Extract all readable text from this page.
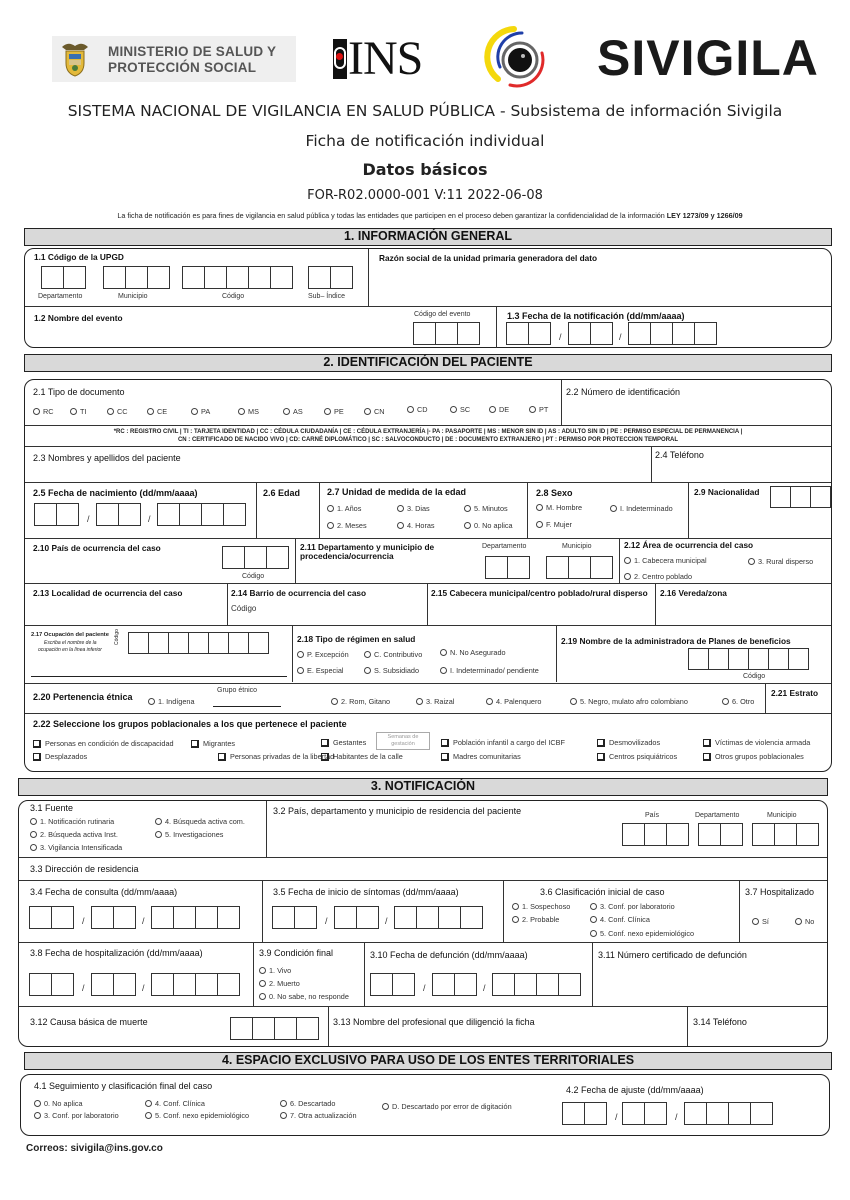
MINISTERIO DE SALUD Y
PROTECCIÓN SOCIAL	INS	SIVIGILA
SISTEMA NACIONAL DE VIGILANCIA EN SALUD PÚBLICA - Subsistema de información Sivigila
Ficha de notificación individual
Datos básicos
FOR-R02.0000-001 V:11 2022-06-08
La ficha de notificación es para fines de vigilancia en salud pública y todas las entidades que participen en el proceso deben garantizar la confidencialidad de la información LEY 1273/09 y 1266/09
1. INFORMACIÓN GENERAL
1.1 Código de la UPGD
Departamento	Municipio	Código	Sub– Índice
Razón social de la unidad primaria generadora del dato
1.2 Nombre del evento	Código del evento	1.3 Fecha de la notificación (dd/mm/aaaa)
/	/
2. IDENTIFICACIÓN DEL PACIENTE
2.1 Tipo de documento
RC	TI	CC	CE	PA	MS	AS	PE	CN	CD	SC	DE	PT
2.2 Número de identificación
*RC : REGISTRO CIVIL | TI : TARJETA IDENTIDAD | CC : CÉDULA CIUDADANÍA | CE : CÉDULA EXTRANJERÍA |- PA : PASAPORTE | MS : MENOR SIN ID | AS : ADULTO SIN ID | PE : PERMISO ESPECIAL DE PERMANENCIA |
CN : CERTIFICADO DE NACIDO VIVO | CD: CARNÉ DIPLOMÁTICO | SC : SALVOCONDUCTO | DE : DOCUMENTO EXTRANJERO | PT : PERMISO POR PROTECCION TEMPORAL
2.3 Nombres y apellidos del paciente	2.4 Teléfono
2.5 Fecha de nacimiento (dd/mm/aaaa)
/	/
2.6 Edad	2.7 Unidad de medida de la edad
1. Años	3. Dias	5. Minutos
2. Meses	4. Horas	0. No aplica
2.8 Sexo
M. Hombre	I. Indeterminado
F. Mujer
2.9 Nacionalidad
2.10 País de ocurrencia del caso
Código
2.11 Departamento y municipio de
procedencia/ocurrencia
Departamento	Municipio	2.12 Área de ocurrencia del caso
1. Cabecera municipal	3. Rural disperso
2. Centro poblado
2.13 Localidad de ocurrencia del caso	2.14 Barrio de ocurrencia del caso
Código
2.15 Cabecera municipal/centro poblado/rural disperso 2.16 Vereda/zona
2.17 Ocupación del paciente
Escriba el nombre de la
ocupación en la línea inferior
Código	2.18 Tipo de régimen en salud
P. Excepción	C. Contributivo	N. No Asegurado
E. Especial	S. Subsidiado	I. Indeterminado/ pendiente
2.19 Nombre de la administradora de Planes de beneficios
Código
2.20 Pertenencia étnica	1. Indígena
Grupo étnico
2. Rom, Gitano	3. Raizal	4. Palenquero	5. Negro, mulato afro colombiano	6. Otro
2.21 Estrato
2.22 Seleccione los grupos poblacionales a los que pertenece el paciente
Personas en condición de discapacidad	Migrantes	Gestantes
Semanas de gestación	Población infantil a cargo del ICBF	Desmovilizados	Víctimas de violencia armada
Desplazados	Personas privadas de la libertad
Habitantes de la calle	Madres comunitarias	Centros psiquiátricos	Otros grupos poblacionales
3. NOTIFICACIÓN
3.1 Fuente
1. Notificación rutinaria	4. Búsqueda activa com.
2. Búsqueda activa Inst.	5. Investigaciones
3. Vigilancia Intensificada
3.2 País, departamento y municipio de residencia del paciente	País	Departamento	Municipio
3.3 Dirección de residencia
3.4 Fecha de consulta (dd/mm/aaaa)
/	/
3.5 Fecha de inicio de síntomas (dd/mm/aaaa)
/	/
3.6 Clasificación inicial de caso
1. Sospechoso	3. Conf. por laboratorio
2. Probable	4. Conf. Clínica
5. Conf. nexo epidemiológico
3.7 Hospitalizado
Sí	No
3.8 Fecha de hospitalización (dd/mm/aaaa)
/	/
3.9 Condición final
1. Vivo
2. Muerto
0. No sabe, no responde
3.10 Fecha de defunción (dd/mm/aaaa)
/	/
3.11 Número certificado de defunción
3.12 Causa básica de muerte	3.13 Nombre del profesional que diligenció la ficha	3.14 Teléfono
4. ESPACIO EXCLUSIVO PARA USO DE LOS ENTES TERRITORIALES
4.1 Seguimiento y clasificación final del caso
0. No aplica	4. Conf. Clínica	6. Descartado	D. Descartado por error de digitación
3. Conf. por laboratorio	5. Conf. nexo epidemiológico	7. Otra actualización
4.2 Fecha de ajuste (dd/mm/aaaa)
/	/
Correos: sivigila@ins.gov.co
